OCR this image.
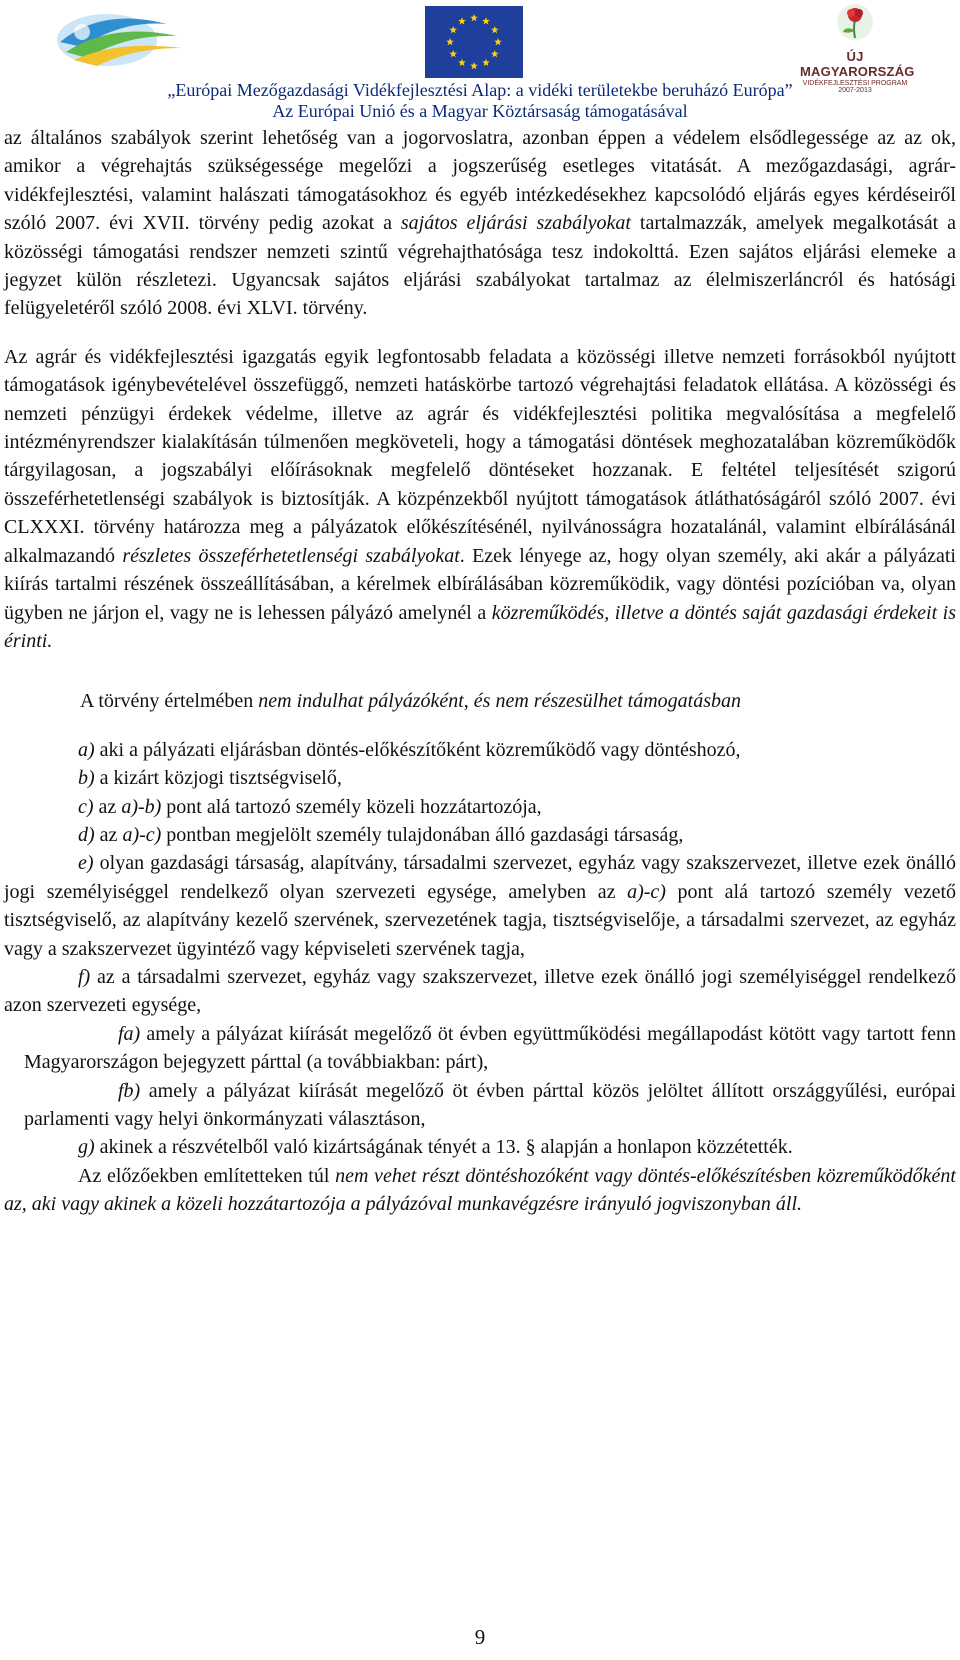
ÚJ MAGYARORSZÁG
VIDÉKFEJLESZTÉSI PROGRAM
2007-2013
„Európai Mezőgazdasági Vidékfejlesztési Alap: a vidéki területekbe beruházó Európa”
Az Európai Unió és a Magyar Köztársaság támogatásával

az általános szabályok szerint lehetőség van a jogorvoslatra, azonban éppen a védelem elsődlegessége az az ok, amikor a végrehajtás szükségessége megelőzi a jogszerűség esetleges vitatását. A mezőgazdasági, agrár-vidékfejlesztési, valamint halászati támogatásokhoz és egyéb intézkedésekhez kapcsolódó eljárás egyes kérdéseiről szóló 2007. évi XVII. törvény pedig azokat a sajátos eljárási szabályokat tartalmazzák, amelyek megalkotását a közösségi támogatási rendszer nemzeti szintű végrehajthatósága tesz indokolttá. Ezen sajátos eljárási elemeke a jegyzet külön részletezi. Ugyancsak sajátos eljárási szabályokat tartalmaz az élelmiszerláncról és hatósági felügyeletéről szóló 2008. évi XLVI. törvény.

Az agrár és vidékfejlesztési igazgatás egyik legfontosabb feladata a közösségi illetve nemzeti forrásokból nyújtott támogatások igénybevételével összefüggő, nemzeti hatáskörbe tartozó végrehajtási feladatok ellátása. A közösségi és nemzeti pénzügyi érdekek védelme, illetve az agrár és vidékfejlesztési politika megvalósítása a megfelelő intézményrendszer kialakításán túlmenően megköveteli, hogy a támogatási döntések meghozatalában közreműködők tárgyilagosan, a jogszabályi előírásoknak megfelelő döntéseket hozzanak. E feltétel teljesítését szigorú összeférhetetlenségi szabályok is biztosítják. A közpénzekből nyújtott támogatások átláthatóságáról szóló 2007. évi CLXXXI. törvény határozza meg a pályázatok előkészítésénél, nyilvánosságra hozatalánál, valamint elbírálásánál alkalmazandó részletes összeférhetetlenségi szabályokat. Ezek lényege az, hogy olyan személy, aki akár a pályázati kiírás tartalmi részének összeállításában, a kérelmek elbírálásában közreműködik, vagy döntési pozícióban va, olyan ügyben ne járjon el, vagy ne is lehessen pályázó amelynél a közreműködés, illetve a döntés saját gazdasági érdekeit is érinti.

A törvény értelmében nem indulhat pályázóként, és nem részesülhet támogatásban

a) aki a pályázati eljárásban döntés-előkészítőként közreműködő vagy döntéshozó,

b) a kizárt közjogi tisztségviselő,

c) az a)-b) pont alá tartozó személy közeli hozzátartozója,

d) az a)-c) pontban megjelölt személy tulajdonában álló gazdasági társaság,

e) olyan gazdasági társaság, alapítvány, társadalmi szervezet, egyház vagy szakszervezet, illetve ezek önálló jogi személyiséggel rendelkező olyan szervezeti egysége, amelyben az a)-c) pont alá tartozó személy vezető tisztségviselő, az alapítvány kezelő szervének, szervezetének tagja, tisztségviselője, a társadalmi szervezet, az egyház vagy a szakszervezet ügyintéző vagy képviseleti szervének tagja,

f) az a társadalmi szervezet, egyház vagy szakszervezet, illetve ezek önálló jogi személyiséggel rendelkező azon szervezeti egysége,

fa) amely a pályázat kiírását megelőző öt évben együttműködési megállapodást kötött vagy tartott fenn Magyarországon bejegyzett párttal (a továbbiakban: párt),

fb) amely a pályázat kiírását megelőző öt évben párttal közös jelöltet állított országgyűlési, európai parlamenti vagy helyi önkormányzati választáson,

g) akinek a részvételből való kizártságának tényét a 13. § alapján a honlapon közzétették.

Az előzőekben említetteken túl nem vehet részt döntéshozóként vagy döntés-előkészítésben közreműködőként az, aki vagy akinek a közeli hozzátartozója a pályázóval munkavégzésre irányuló jogviszonyban áll.

9
